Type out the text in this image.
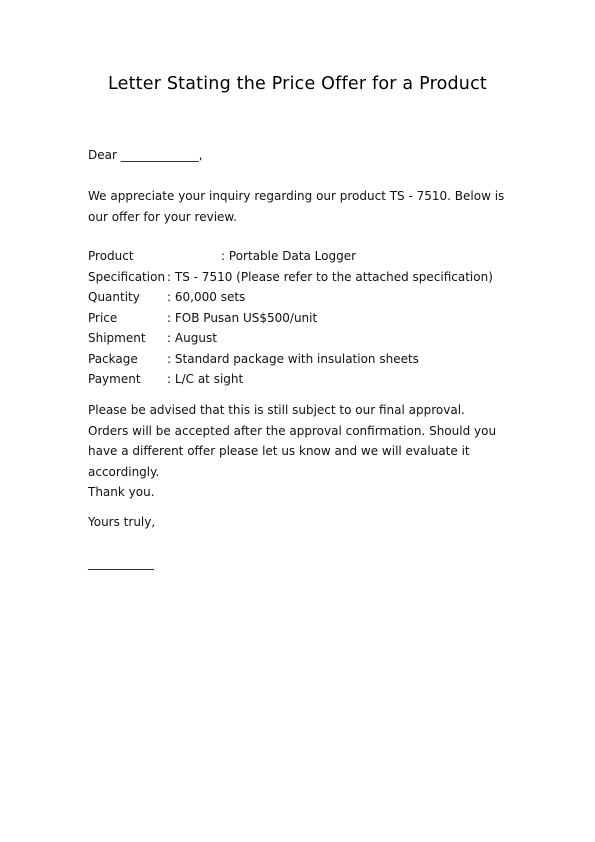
Letter Stating the Price Offer for a Product
Dear _____________,
We appreciate your inquiry regarding our product TS - 7510. Below is our offer for your review.
Product	: Portable Data Logger
Specification	: TS - 7510 (Please refer to the attached specification)
Quantity	: 60,000 sets
Price	: FOB Pusan US$500/unit
Shipment	: August
Package	: Standard package with insulation sheets
Payment	: L/C at sight
Please be advised that this is still subject to our final approval. Orders will be accepted after the approval confirmation. Should you have a different offer please let us know and we will evaluate it accordingly.
Thank you.
Yours truly,
___________
